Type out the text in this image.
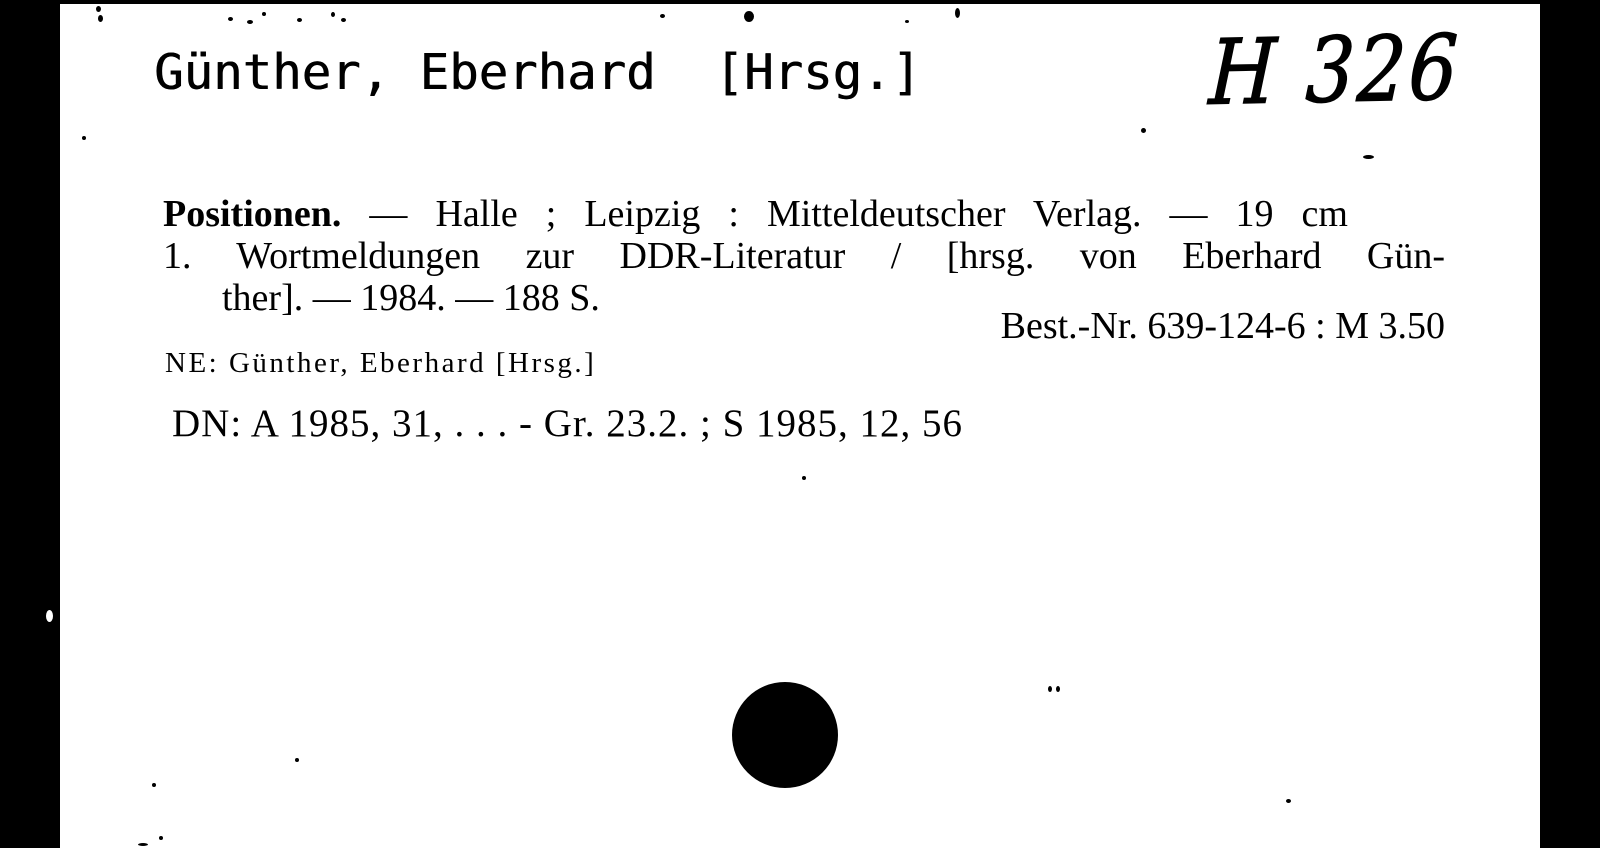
Günther, Eberhard  [Hrsg.]	H 326
Positionen. — Halle ; Leipzig : Mitteldeutscher Verlag. — 19 cm
1. Wortmeldungen zur DDR-Literatur / [hrsg. von Eberhard Gün-
ther]. — 1984. — 188 S.
Best.-Nr. 639-124-6 : M 3.50
NE: Günther, Eberhard [Hrsg.]
DN: A 1985, 31, . . . - Gr. 23.2. ; S 1985, 12, 56
